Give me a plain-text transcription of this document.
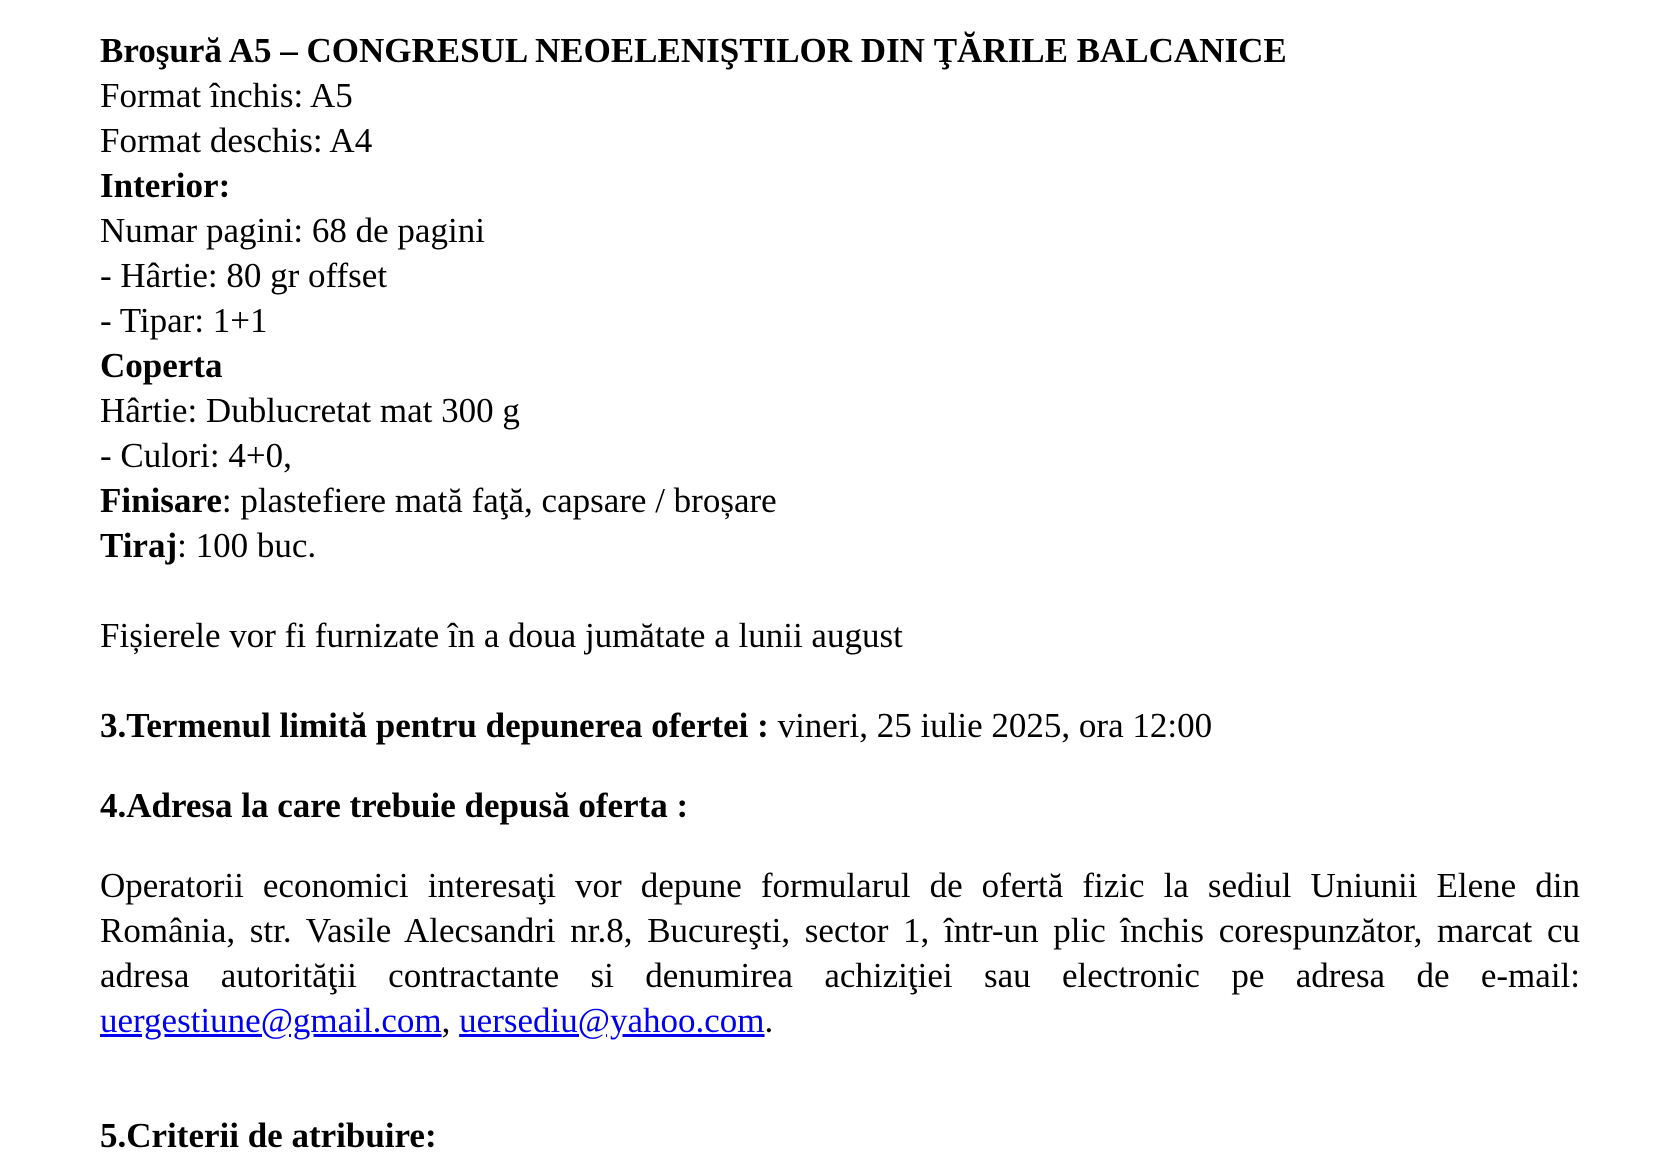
Broşură A5 – CONGRESUL NEOELENIŞTILOR DIN ŢĂRILE BALCANICE

Format închis: A5

Format deschis: A4

Interior:

Numar pagini: 68 de pagini

- Hârtie: 80 gr offset

- Tipar: 1+1

Coperta

Hârtie: Dublucretat mat 300 g

- Culori: 4+0,

Finisare: plastefiere mată faţă, capsare / broșare

Tiraj: 100 buc.

Fișierele vor fi furnizate în a doua jumătate a lunii august

3.Termenul limită pentru depunerea ofertei : vineri, 25 iulie 2025, ora 12:00

4.Adresa la care trebuie depusă oferta :

Operatorii economici interesaţi vor depune formularul de ofertă fizic la sediul Uniunii Elene din România, str. Vasile Alecsandri nr.8, Bucureşti, sector 1, într-un plic închis corespunzător, marcat cu adresa autorităţii contractante si denumirea achiziţiei sau electronic pe adresa de e-mail: uergestiune@gmail.com, uersediu@yahoo.com.

5.Criterii de atribuire:
